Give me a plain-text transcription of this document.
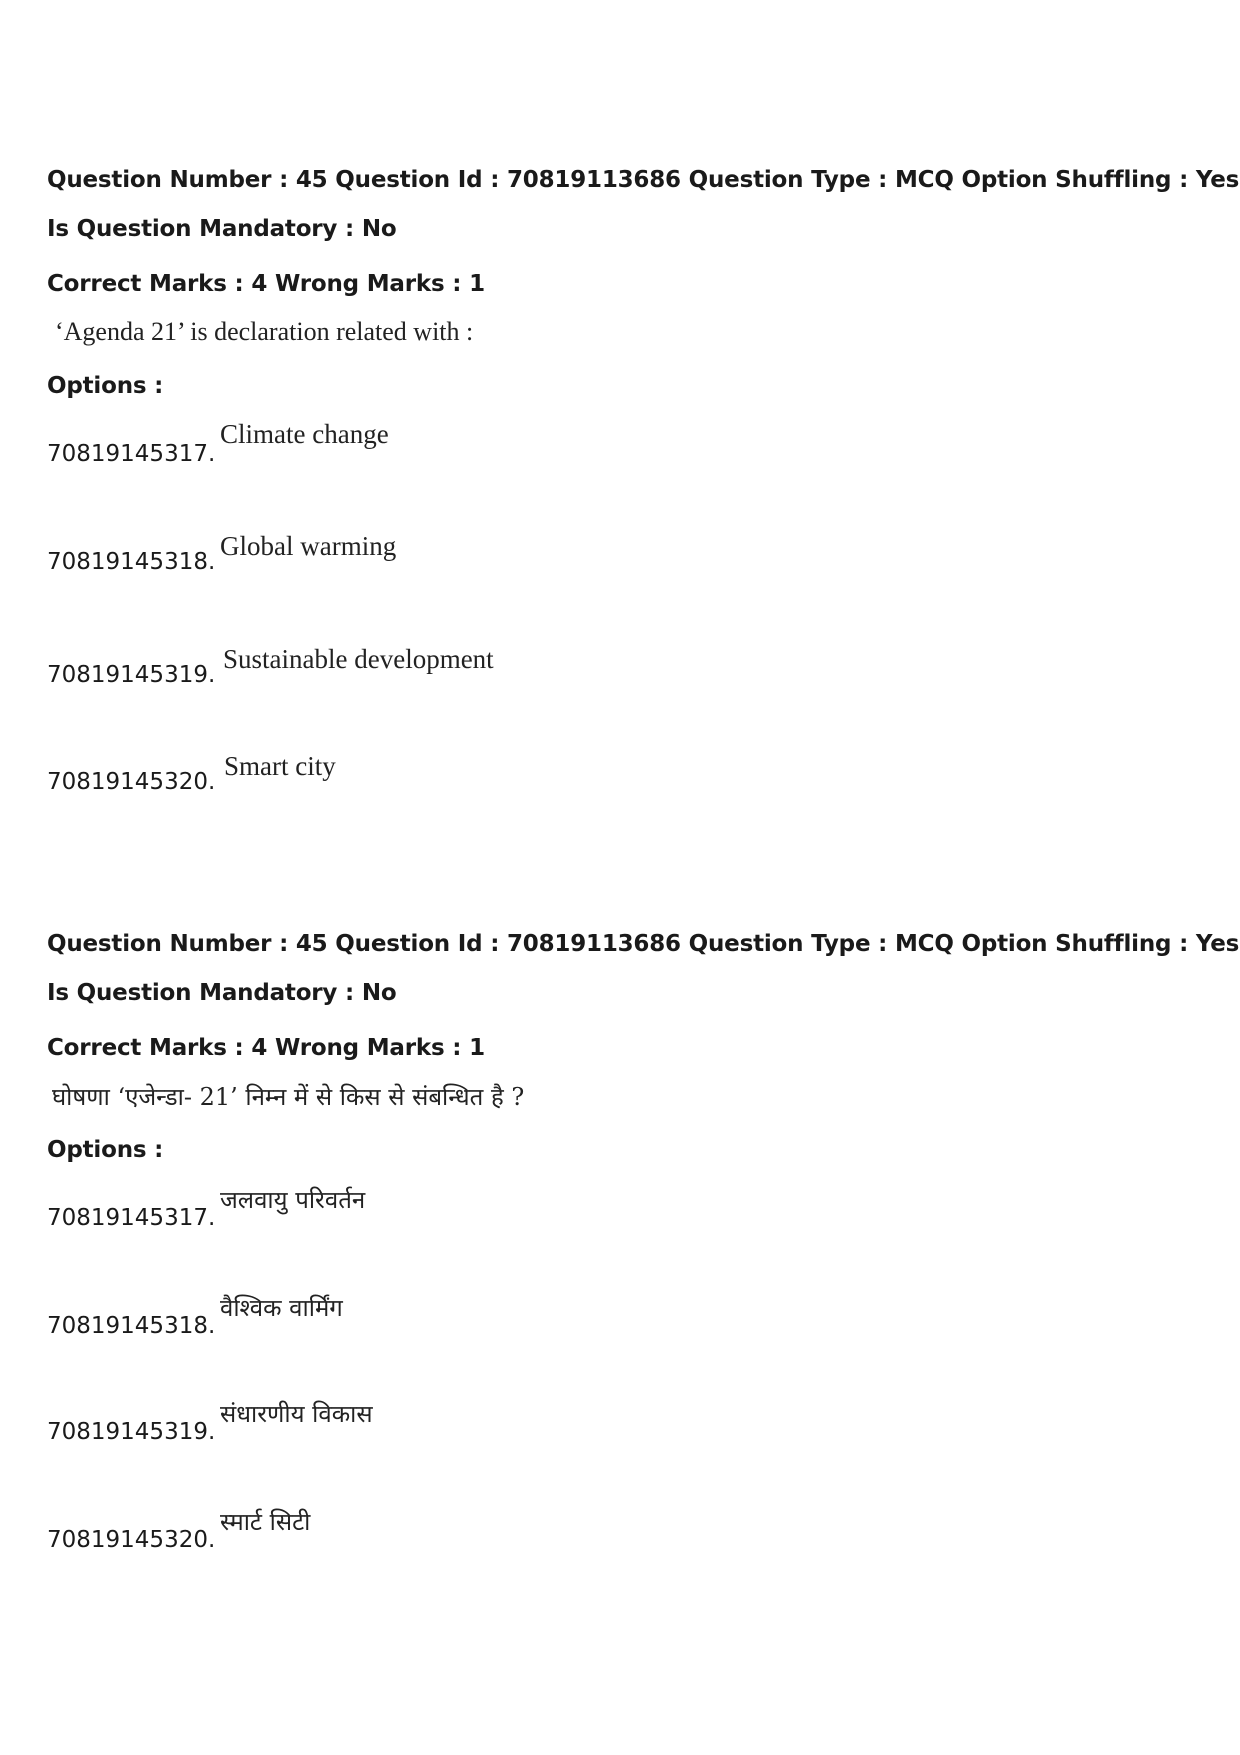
Question Number : 45 Question Id : 70819113686 Question Type : MCQ Option Shuffling : Yes
Is Question Mandatory : No
Correct Marks : 4 Wrong Marks : 1
‘Agenda 21’ is declaration related with :
Options :
70819145317.
Climate change
70819145318.
Global warming
70819145319.
Sustainable development
70819145320.
Smart city
Question Number : 45 Question Id : 70819113686 Question Type : MCQ Option Shuffling : Yes
Is Question Mandatory : No
Correct Marks : 4 Wrong Marks : 1
घोषणा ‘एजेन्डा- 21’ निम्न में से किस से संबन्धित है ?
Options :
70819145317.
जलवायु परिवर्तन
70819145318.
वैश्विक वार्मिंग
70819145319.
संधारणीय विकास
70819145320.
स्मार्ट सिटी
